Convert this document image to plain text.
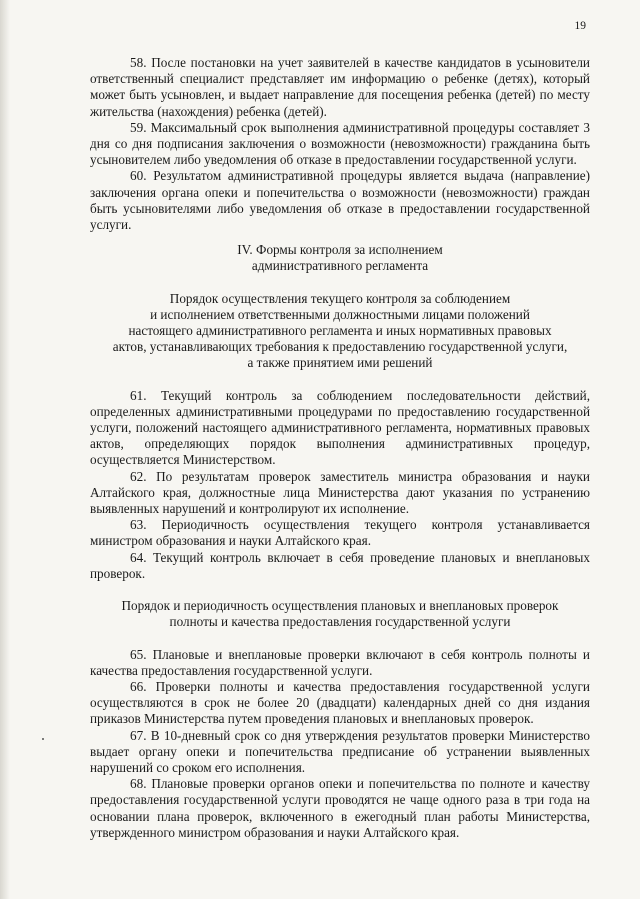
19

58. После постановки на учет заявителей в качестве кандидатов в усыновители ответственный специалист представляет им информацию о ребенке (детях), который может быть усыновлен, и выдает направление для посещения ребенка (детей) по месту жительства (нахождения) ребенка (детей).

59. Максимальный срок выполнения административной процедуры составляет 3 дня со дня подписания заключения о возможности (невозможности) гражданина быть усыновителем либо уведомления об отказе в предоставлении государственной услуги.

60. Результатом административной процедуры является выдача (направление) заключения органа опеки и попечительства о возможности (невозможности) граждан быть усыновителями либо уведомления об отказе в предоставлении государственной услуги.

IV. Формы контроля за исполнением
административного регламента
Порядок осуществления текущего контроля за соблюдением
и исполнением ответственными должностными лицами положений
настоящего административного регламента и иных нормативных правовых
актов, устанавливающих требования к предоставлению государственной услуги,
а также принятием ими решений

61. Текущий контроль за соблюдением последовательности действий, определенных административными процедурами по предоставлению государственной услуги, положений настоящего административного регламента, нормативных правовых актов, определяющих порядок выполнения административных процедур, осуществляется Министерством.

62. По результатам проверок заместитель министра образования и науки Алтайского края, должностные лица Министерства дают указания по устранению выявленных нарушений и контролируют их исполнение.

63. Периодичность осуществления текущего контроля устанавливается министром образования и науки Алтайского края.

64. Текущий контроль включает в себя проведение плановых и внеплановых проверок.

Порядок и периодичность осуществления плановых и внеплановых проверок
полноты и качества предоставления государственной услуги

65. Плановые и внеплановые проверки включают в себя контроль полноты и качества предоставления государственной услуги.

66. Проверки полноты и качества предоставления государственной услуги осуществляются в срок не более 20 (двадцати) календарных дней со дня издания приказов Министерства путем проведения плановых и внеплановых проверок.

67. В 10-дневный срок со дня утверждения результатов проверки Министерство выдает органу опеки и попечительства предписание об устранении выявленных нарушений со сроком его исполнения.

68. Плановые проверки органов опеки и попечительства по полноте и качеству предоставления государственной услуги проводятся не чаще одного раза в три года на основании плана проверок, включенного в ежегодный план работы Министерства, утвержденного министром образования и науки Алтайского края.
